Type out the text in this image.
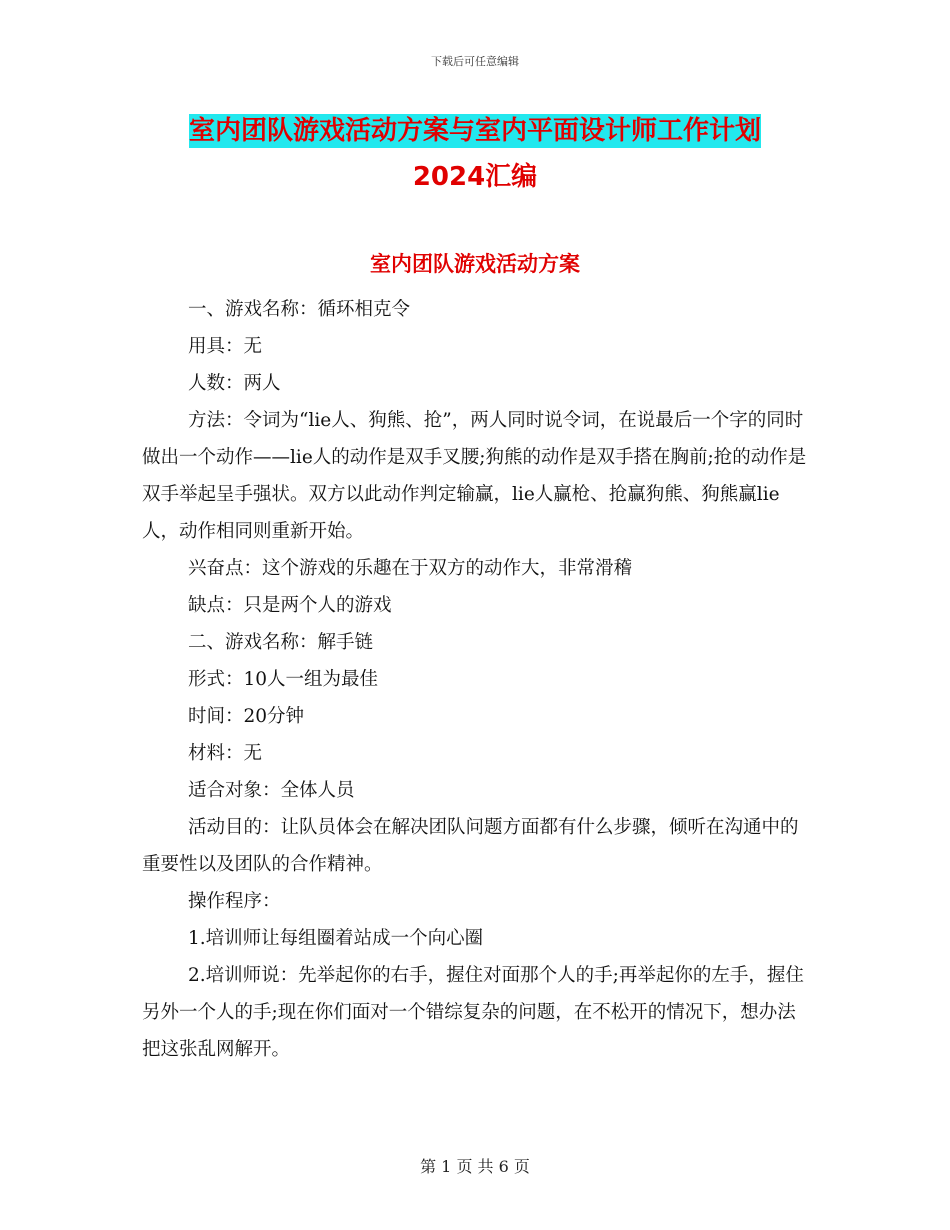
下载后可任意编辑
室内团队游戏活动方案与室内平面设计师工作计划
2024汇编
室内团队游戏活动方案

一、游戏名称：循环相克令

用具：无

人数：两人

方法：令词为“lie人、狗熊、抢”，两人同时说令词，在说最后一个字的同时做出一个动作——lie人的动作是双手叉腰;狗熊的动作是双手搭在胸前;抢的动作是双手举起呈手强状。双方以此动作判定输赢，lie人赢枪、抢赢狗熊、狗熊赢lie人，动作相同则重新开始。

兴奋点：这个游戏的乐趣在于双方的动作大，非常滑稽

缺点：只是两个人的游戏

二、游戏名称：解手链

形式：10人一组为最佳

时间：20分钟

材料：无

适合对象：全体人员

活动目的：让队员体会在解决团队问题方面都有什么步骤，倾听在沟通中的重要性以及团队的合作精神。

操作程序：

1.培训师让每组圈着站成一个向心圈

2.培训师说：先举起你的右手，握住对面那个人的手;再举起你的左手，握住另外一个人的手;现在你们面对一个错综复杂的问题，在不松开的情况下，想办法把这张乱网解开。

第 1 页 共 6 页
